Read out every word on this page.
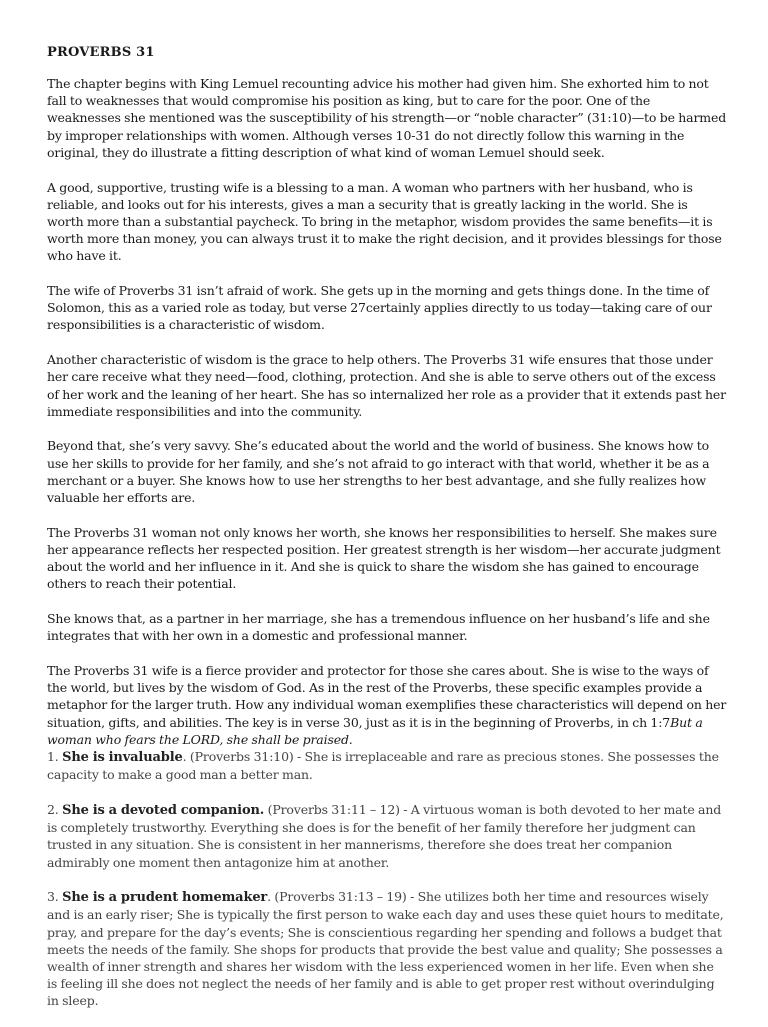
PROVERBS 31

The chapter begins with King Lemuel recounting advice his mother had given him. She exhorted him to not fall to weaknesses that would compromise his position as king, but to care for the poor. One of the weaknesses she mentioned was the susceptibility of his strength—or “noble character” (31:10)—to be harmed by improper relationships with women. Although verses 10-31 do not directly follow this warning in the original, they do illustrate a fitting description of what kind of woman Lemuel should seek.

A good, supportive, trusting wife is a blessing to a man. A woman who partners with her husband, who is reliable, and looks out for his interests, gives a man a security that is greatly lacking in the world. She is worth more than a substantial paycheck. To bring in the metaphor, wisdom provides the same benefits—it is worth more than money, you can always trust it to make the right decision, and it provides blessings for those who have it.

The wife of Proverbs 31 isn’t afraid of work. She gets up in the morning and gets things done. In the time of Solomon, this as a varied role as today, but verse 27certainly applies directly to us today—taking care of our responsibilities is a characteristic of wisdom.

Another characteristic of wisdom is the grace to help others. The Proverbs 31 wife ensures that those under her care receive what they need—food, clothing, protection. And she is able to serve others out of the excess of her work and the leaning of her heart. She has so internalized her role as a provider that it extends past her immediate responsibilities and into the community.

Beyond that, she’s very savvy. She’s educated about the world and the world of business. She knows how to use her skills to provide for her family, and she’s not afraid to go interact with that world, whether it be as a merchant or a buyer. She knows how to use her strengths to her best advantage, and she fully realizes how valuable her efforts are.

The Proverbs 31 woman not only knows her worth, she knows her responsibilities to herself. She makes sure her appearance reflects her respected position. Her greatest strength is her wisdom—her accurate judgment about the world and her influence in it. And she is quick to share the wisdom she has gained to encourage others to reach their potential.

She knows that, as a partner in her marriage, she has a tremendous influence on her husband’s life and she integrates that with her own in a domestic and professional manner.

The Proverbs 31 wife is a fierce provider and protector for those she cares about. She is wise to the ways of the world, but lives by the wisdom of God. As in the rest of the Proverbs, these specific examples provide a metaphor for the larger truth. How any individual woman exemplifies these characteristics will depend on her situation, gifts, and abilities. The key is in verse 30, just as it is in the beginning of Proverbs, in ch 1:7But a woman who fears the LORD, she shall be praised.

1. She is invaluable. (Proverbs 31:10) - She is irreplaceable and rare as precious stones. She possesses the capacity to make a good man a better man.

2. She is a devoted companion. (Proverbs 31:11 – 12) - A virtuous woman is both devoted to her mate and is completely trustworthy. Everything she does is for the benefit of her family therefore her judgment can trusted in any situation. She is consistent in her mannerisms, therefore she does treat her companion admirably one moment then antagonize him at another.

3. She is a prudent homemaker. (Proverbs 31:13 – 19) - She utilizes both her time and resources wisely and is an early riser; She is typically the first person to wake each day and uses these quiet hours to meditate, pray, and prepare for the day’s events; She is conscientious regarding her spending and follows a budget that meets the needs of the family. She shops for products that provide the best value and quality; She possesses a wealth of inner strength and shares her wisdom with the less experienced women in her life. Even when she is feeling ill she does not neglect the needs of her family and is able to get proper rest without overindulging in sleep.
